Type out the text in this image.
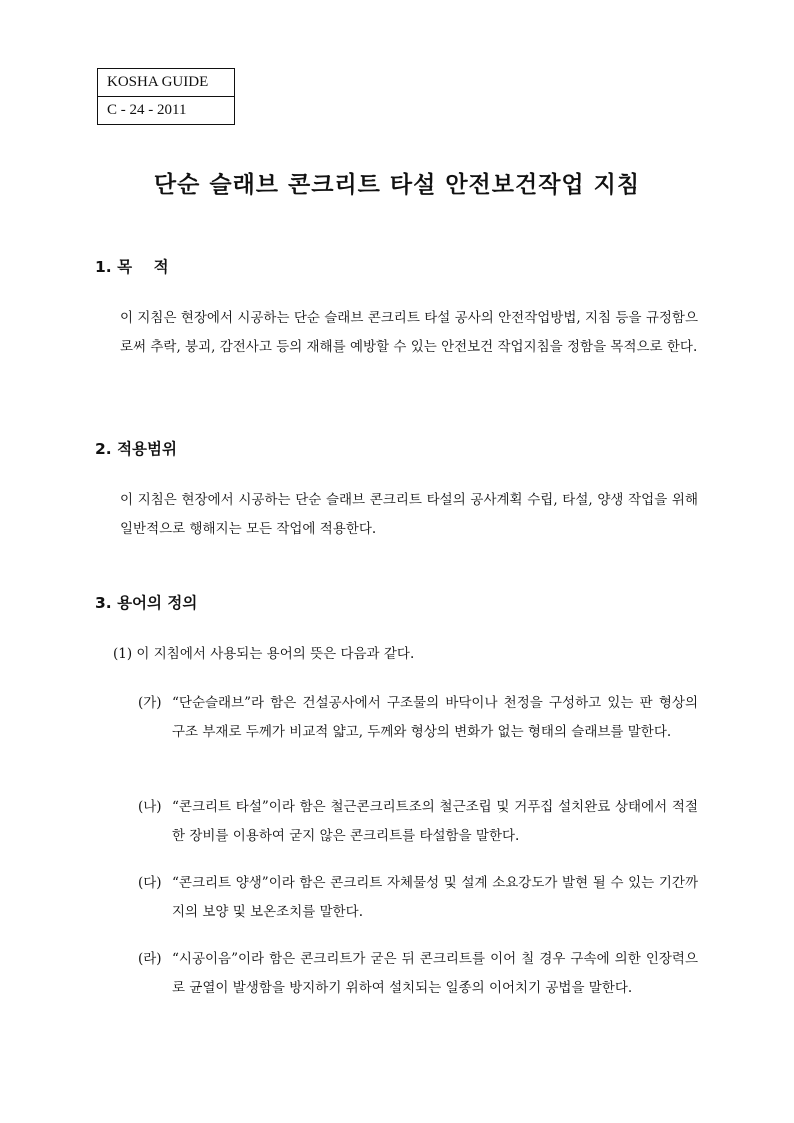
KOSHA GUIDE
C - 24 - 2011
단순 슬래브 콘크리트 타설 안전보건작업 지침
1. 목    적
이 지침은 현장에서 시공하는 단순 슬래브 콘크리트 타설 공사의 안전작업방법, 지침 등을 규정함으로써 추락, 붕괴, 감전사고 등의 재해를 예방할 수 있는 안전보건 작업지침을 정함을 목적으로 한다.
2. 적용범위
이 지침은 현장에서 시공하는 단순 슬래브 콘크리트 타설의 공사계획 수립, 타설, 양생 작업을 위해 일반적으로 행해지는 모든 작업에 적용한다.
3. 용어의 정의
(1) 이 지침에서 사용되는 용어의 뜻은 다음과 같다.
(가) “단순슬래브”라 함은 건설공사에서 구조물의 바닥이나 천정을 구성하고 있는 판 형상의 구조 부재로 두께가 비교적 얇고, 두께와 형상의 변화가 없는 형태의 슬래브를 말한다.
(나) “콘크리트 타설”이라 함은 철근콘크리트조의 철근조립 및 거푸집 설치완료 상태에서 적절한 장비를 이용하여 굳지 않은 콘크리트를 타설함을 말한다.
(다) “콘크리트 양생”이라 함은 콘크리트 자체물성 및 설계 소요강도가 발현 될 수 있는 기간까지의 보양 및 보온조치를 말한다.
(라) “시공이음”이라 함은 콘크리트가 굳은 뒤 콘크리트를 이어 칠 경우 구속에 의한 인장력으로 균열이 발생함을 방지하기 위하여 설치되는 일종의 이어치기 공법을 말한다.
